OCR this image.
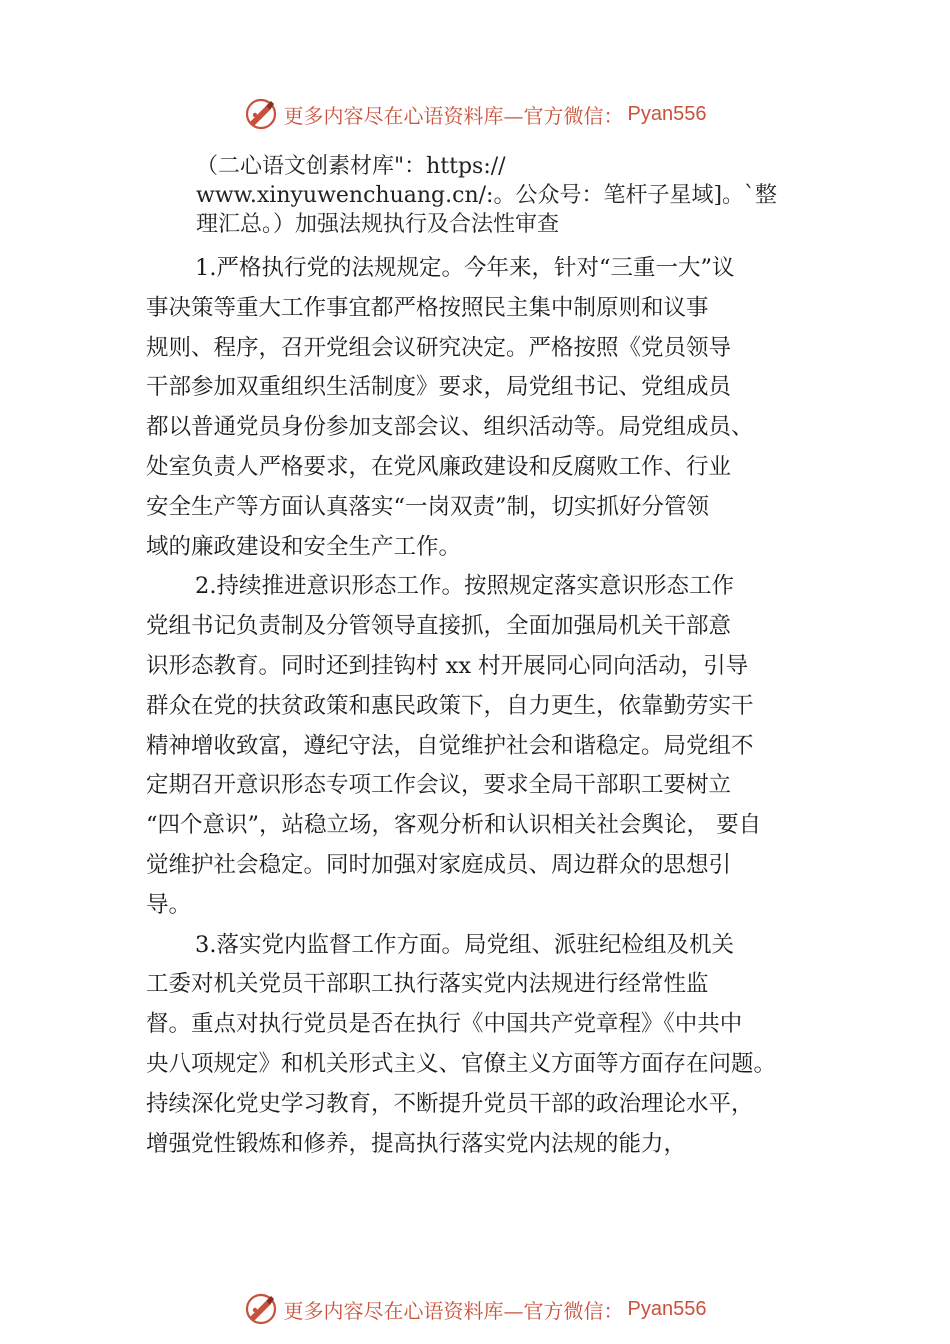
更多内容尽在心语资料库—官方微信： Pyan556
（二心语文创素材库"：https://
www.xinyuwenchuang.cn/:。公众号：笔杆子星域]。`整
理汇总。）加强法规执行及合法性审查
1.严格执行党的法规规定。今年来，针对“三重一大”议
事决策等重大工作事宜都严格按照民主集中制原则和议事
规则、程序，召开党组会议研究决定。严格按照《党员领导
干部参加双重组织生活制度》要求，局党组书记、党组成员
都以普通党员身份参加支部会议、组织活动等。局党组成员、
处室负责人严格要求，在党风廉政建设和反腐败工作、行业
安全生产等方面认真落实“一岗双责”制，切实抓好分管领
域的廉政建设和安全生产工作。
2.持续推进意识形态工作。按照规定落实意识形态工作
党组书记负责制及分管领导直接抓，全面加强局机关干部意
识形态教育。同时还到挂钩村 xx 村开展同心同向活动，引导
群众在党的扶贫政策和惠民政策下，自力更生，依靠勤劳实干
精神增收致富，遵纪守法，自觉维护社会和谐稳定。局党组不
定期召开意识形态专项工作会议，要求全局干部职工要树立
“四个意识”，站稳立场，客观分析和认识相关社会舆论， 要自
觉维护社会稳定。同时加强对家庭成员、周边群众的思想引
导。
3.落实党内监督工作方面。局党组、派驻纪检组及机关
工委对机关党员干部职工执行落实党内法规进行经常性监
督。重点对执行党员是否在执行《中国共产党章程》《中共中
央八项规定》和机关形式主义、官僚主义方面等方面存在问题。
持续深化党史学习教育，不断提升党员干部的政治理论水平，
增强党性锻炼和修养，提高执行落实党内法规的能力，
更多内容尽在心语资料库—官方微信： Pyan556
